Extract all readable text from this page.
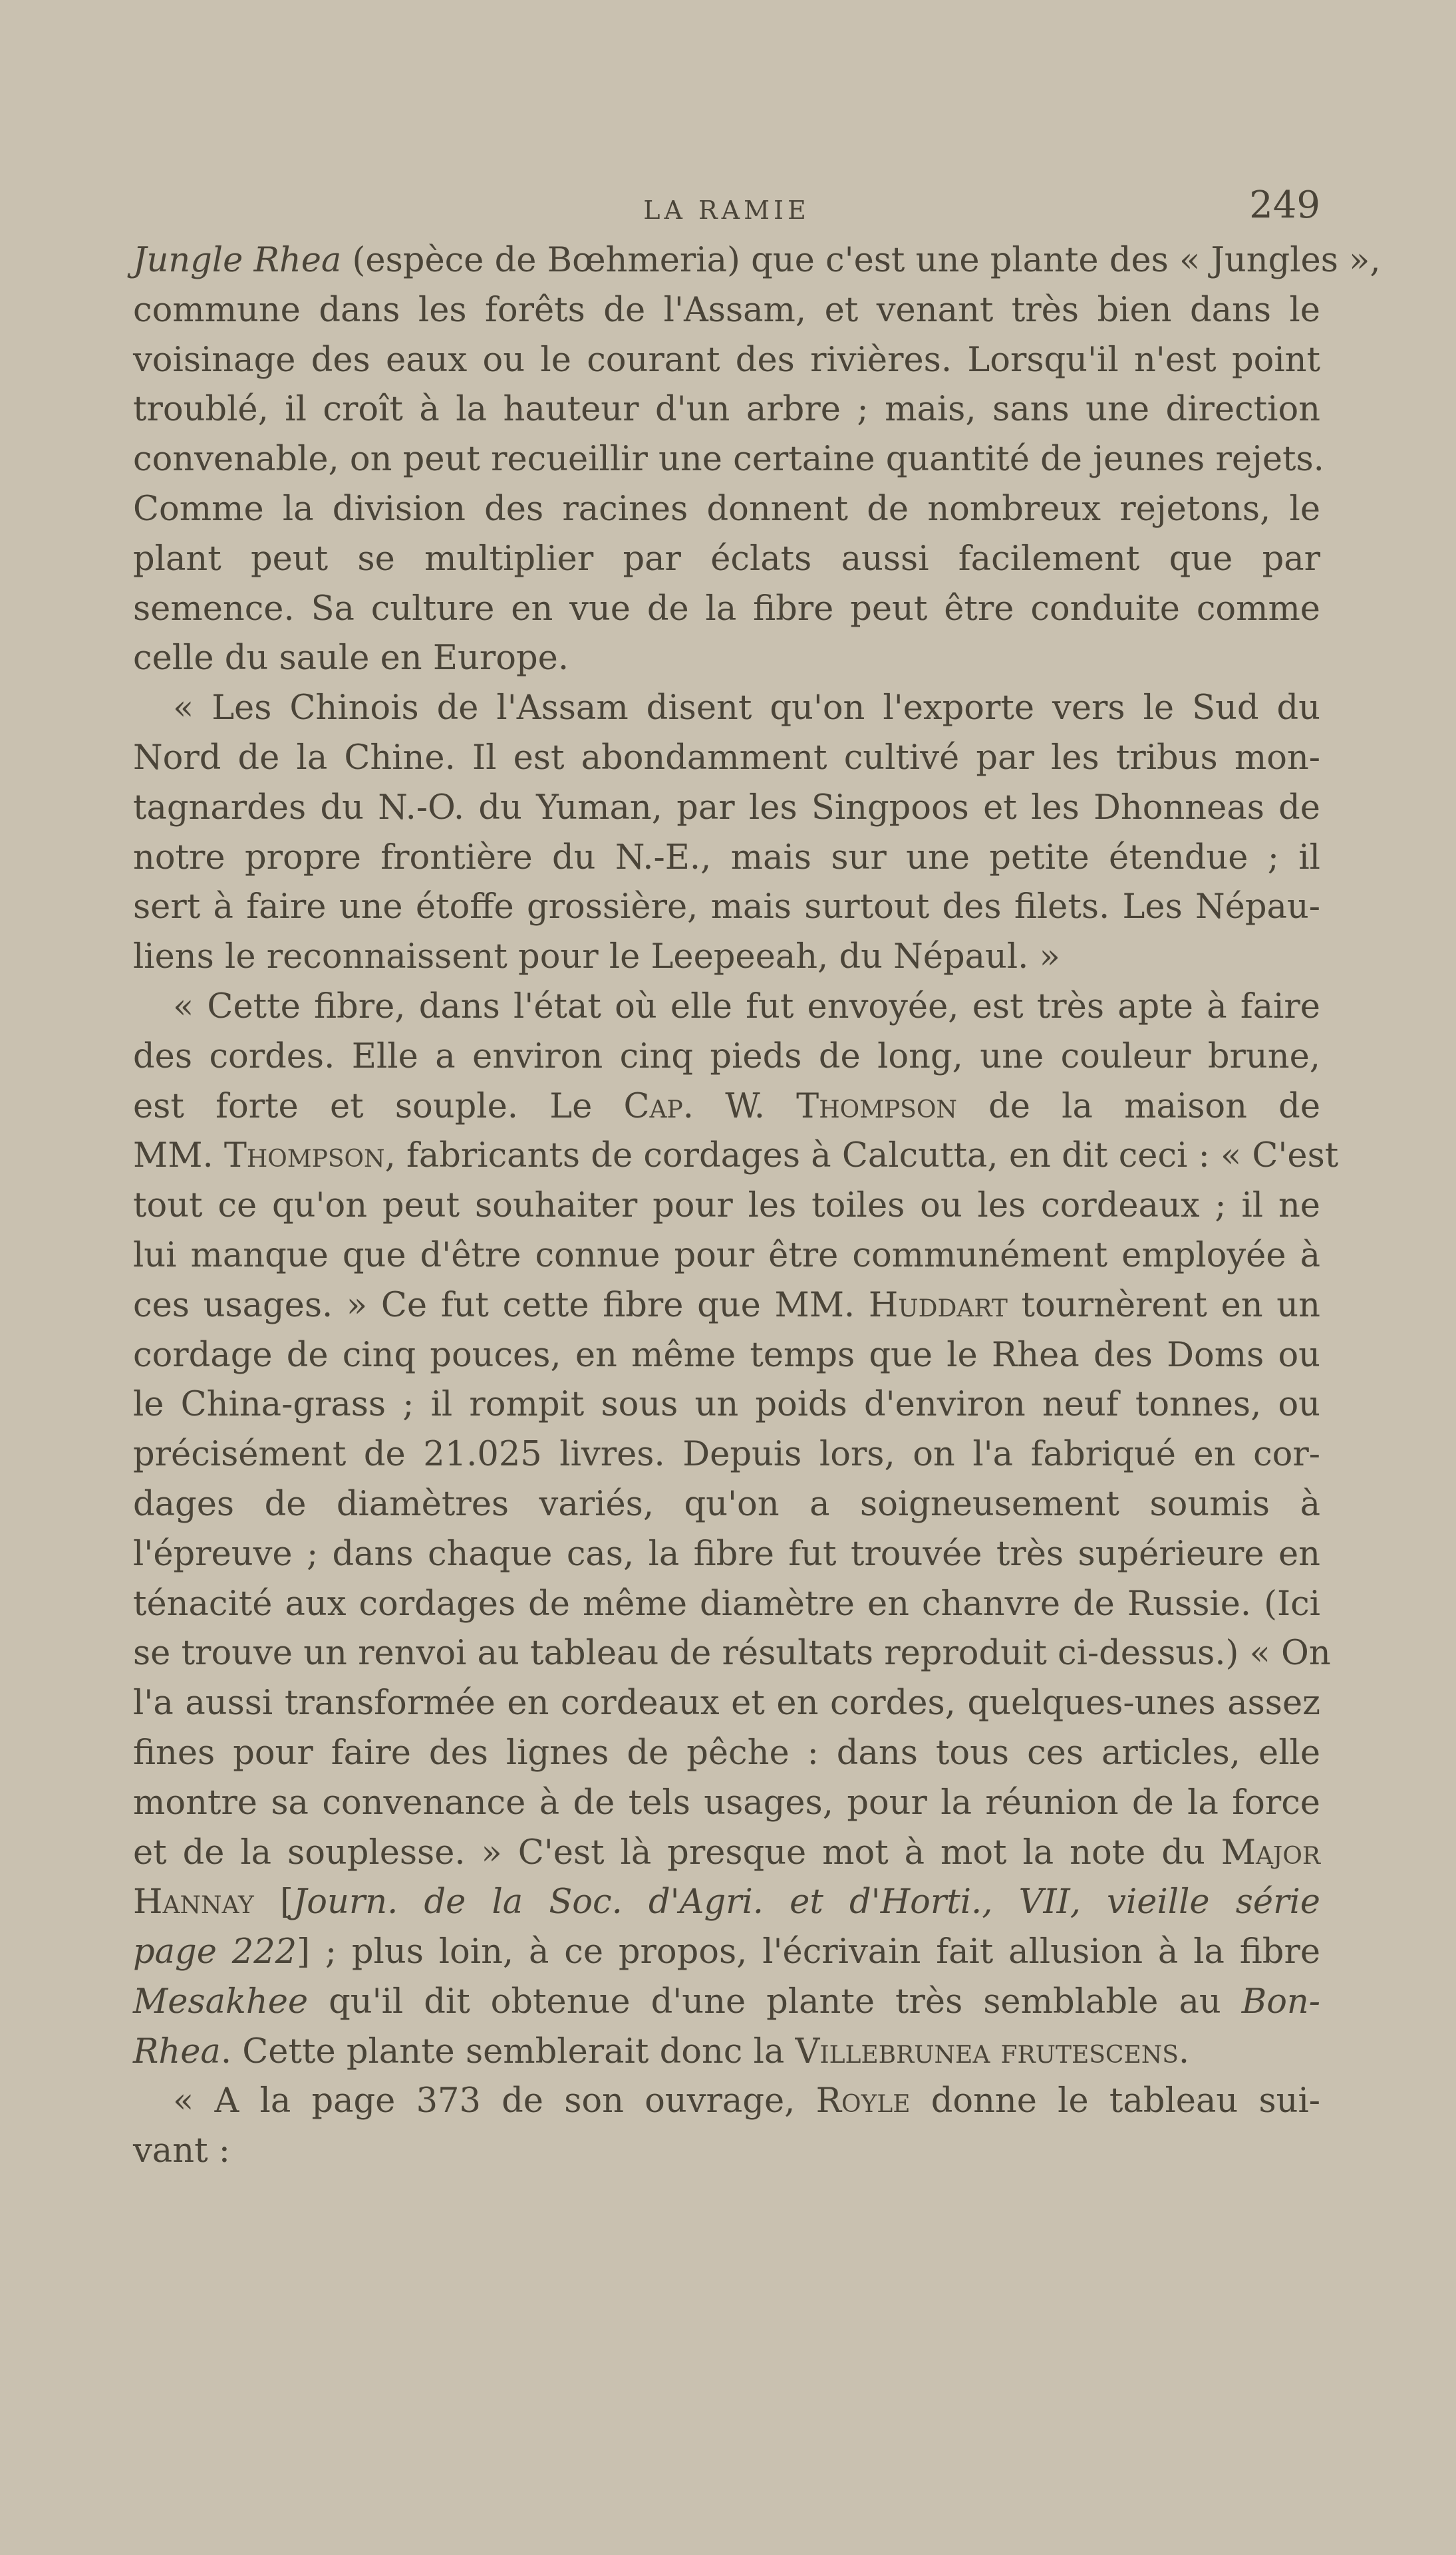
LA RAMIE	249
Jungle Rhea (espèce de Bœhmeria) que c'est une plante des « Jungles »,
commune dans les forêts de l'Assam, et venant très bien dans le
voisinage des eaux ou le courant des rivières. Lorsqu'il n'est point
troublé, il croît à la hauteur d'un arbre ; mais, sans une direction
convenable, on peut recueillir une certaine quantité de jeunes rejets.
Comme la division des racines donnent de nombreux rejetons, le
plant peut se multiplier par éclats aussi facilement que par
semence. Sa culture en vue de la fibre peut être conduite comme
celle du saule en Europe.
« Les Chinois de l'Assam disent qu'on l'exporte vers le Sud du
Nord de la Chine. Il est abondamment cultivé par les tribus mon-
tagnardes du N.-O. du Yuman, par les Singpoos et les Dhonneas de
notre propre frontière du N.-E., mais sur une petite étendue ; il
sert à faire une étoffe grossière, mais surtout des filets. Les Népau-
liens le reconnaissent pour le Leepeeah, du Népaul. »
« Cette fibre, dans l'état où elle fut envoyée, est très apte à faire
des cordes. Elle a environ cinq pieds de long, une couleur brune,
est forte et souple. Le Cap. W. Thompson de la maison de
MM. Thompson, fabricants de cordages à Calcutta, en dit ceci : « C'est
tout ce qu'on peut souhaiter pour les toiles ou les cordeaux ; il ne
lui manque que d'être connue pour être communément employée à
ces usages. » Ce fut cette fibre que MM. Huddart tournèrent en un
cordage de cinq pouces, en même temps que le Rhea des Doms ou
le China-grass ; il rompit sous un poids d'environ neuf tonnes, ou
précisément de 21.025 livres. Depuis lors, on l'a fabriqué en cor-
dages de diamètres variés, qu'on a soigneusement soumis à
l'épreuve ; dans chaque cas, la fibre fut trouvée très supérieure en
ténacité aux cordages de même diamètre en chanvre de Russie. (Ici
se trouve un renvoi au tableau de résultats reproduit ci-dessus.) « On
l'a aussi transformée en cordeaux et en cordes, quelques-unes assez
fines pour faire des lignes de pêche : dans tous ces articles, elle
montre sa convenance à de tels usages, pour la réunion de la force
et de la souplesse. » C'est là presque mot à mot la note du Major
Hannay [Journ. de la Soc. d'Agri. et d'Horti., VII, vieille série
page 222] ; plus loin, à ce propos, l'écrivain fait allusion à la fibre
Mesakhee qu'il dit obtenue d'une plante très semblable au Bon-
Rhea. Cette plante semblerait donc la Villebrunea frutescens.
« A la page 373 de son ouvrage, Royle donne le tableau sui-
vant :
